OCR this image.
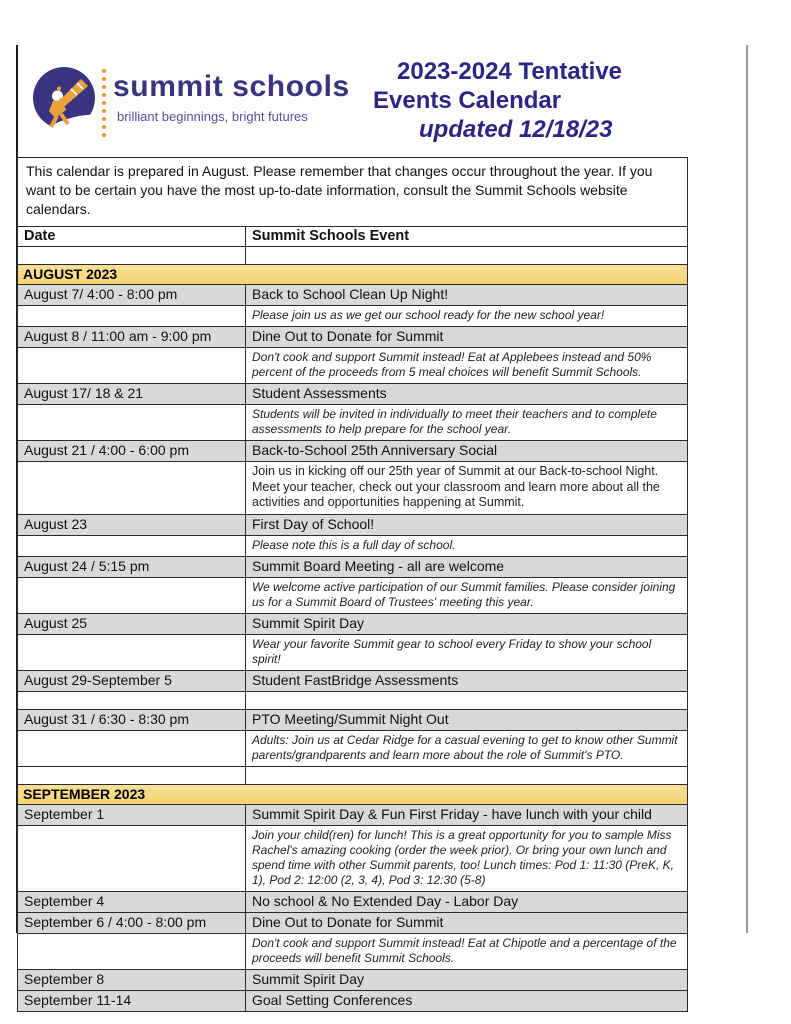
summit schools
brilliant beginnings, bright futures
2023-2024 Tentative
Events Calendar
updated 12/18/23
This calendar is prepared in August. Please remember that changes occur throughout the year. If you want to be certain you have the most up-to-date information, consult the Summit Schools website calendars.	
Date	Summit Schools Event

AUGUST 2023	
August 7/ 4:00 - 8:00 pm	Back to School Clean Up Night!
	Please join us as we get our school ready for the new school year!
August 8 / 11:00 am - 9:00 pm	Dine Out to Donate for Summit
	Don't cook and support Summit instead! Eat at Applebees instead and 50% percent of the proceeds from 5 meal choices will benefit Summit Schools.
August 17/ 18 & 21	Student Assessments
	Students will be invited in individually to meet their teachers and to complete assessments to help prepare for the school year.
August 21 / 4:00 - 6:00 pm	Back-to-School 25th Anniversary Social
	Join us in kicking off our 25th year of Summit at our Back-to-school Night. Meet your teacher, check out your classroom and learn more about all the activities and opportunities happening at Summit.
August 23	First Day of School!
	Please note this is a full day of school.
August 24 / 5:15 pm	Summit Board Meeting - all are welcome
	We welcome active participation of our Summit families. Please consider joining us for a Summit Board of Trustees' meeting this year.
August 25	Summit Spirit Day
	Wear your favorite Summit gear to school every Friday to show your school spirit!
August 29-September 5	Student FastBridge Assessments

August 31 / 6:30 - 8:30 pm	PTO Meeting/Summit Night Out
	Adults: Join us at Cedar Ridge for a casual evening to get to know other Summit parents/grandparents and learn more about the role of Summit's PTO.

SEPTEMBER 2023	
September 1	Summit Spirit Day & Fun First Friday - have lunch with your child
	Join your child(ren) for lunch! This is a great opportunity for you to sample Miss Rachel's amazing cooking (order the week prior). Or bring your own lunch and spend time with other Summit parents, too! Lunch times: Pod 1: 11:30 (PreK, K, 1), Pod 2: 12:00 (2, 3, 4), Pod 3: 12:30 (5-8)
September 4	No school & No Extended Day - Labor Day
September 6 / 4:00 - 8:00 pm	Dine Out to Donate for Summit
	Don't cook and support Summit instead! Eat at Chipotle and a percentage of the proceeds will benefit Summit Schools.
September 8	Summit Spirit Day
September 11-14	Goal Setting Conferences
